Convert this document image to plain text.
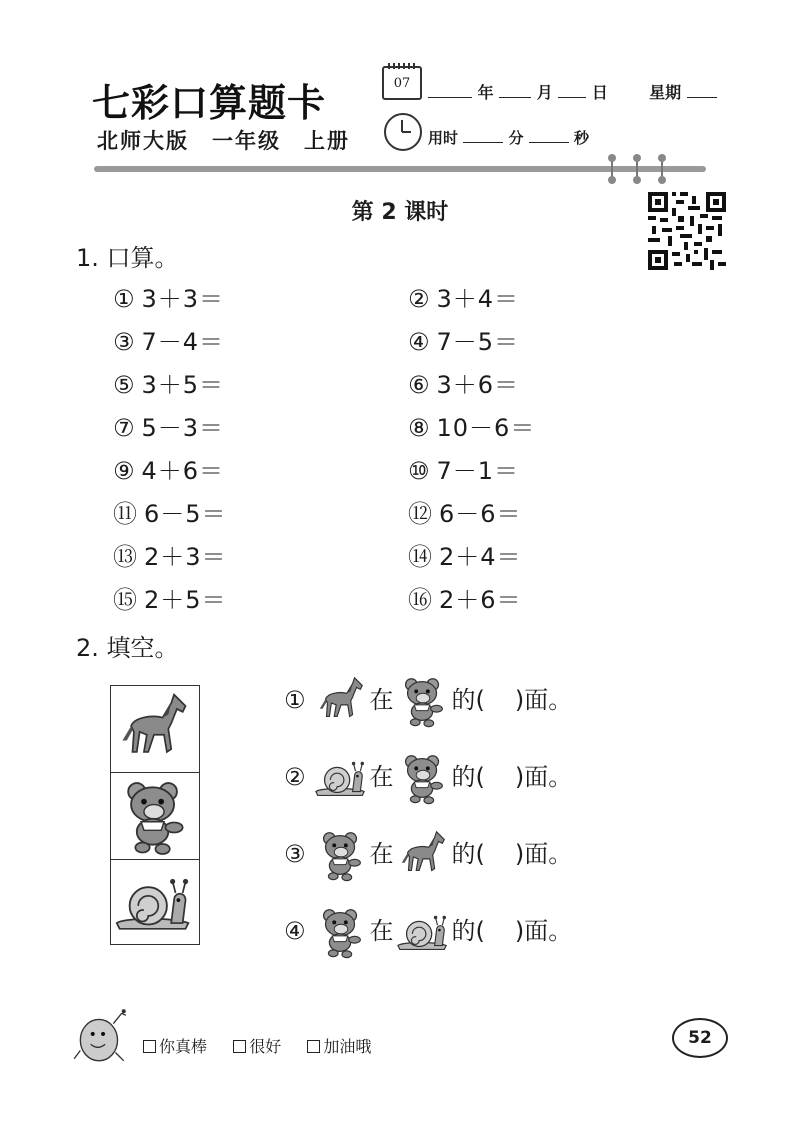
七彩口算题卡	07	年	月 日	星期
北师大版　一年级　上册	用时	分	秒
第 2 课时
1. 口算。
① 3＋3＝	② 3＋4＝
③ 7－4＝	④ 7－5＝
⑤ 3＋5＝	⑥ 3＋6＝
⑦ 5－3＝	⑧ 10－6＝
⑨ 4＋6＝	⑩ 7－1＝
⑪ 6－5＝	⑫ 6－6＝
⑬ 2＋3＝	⑭ 2＋4＝
⑮ 2＋5＝	⑯ 2＋6＝
2. 填空。
①	在 的( )面。
②	在 的( )面。
③	在 的( )面。
④	在 的( )面。
你真棒	很好	加油哦	52
